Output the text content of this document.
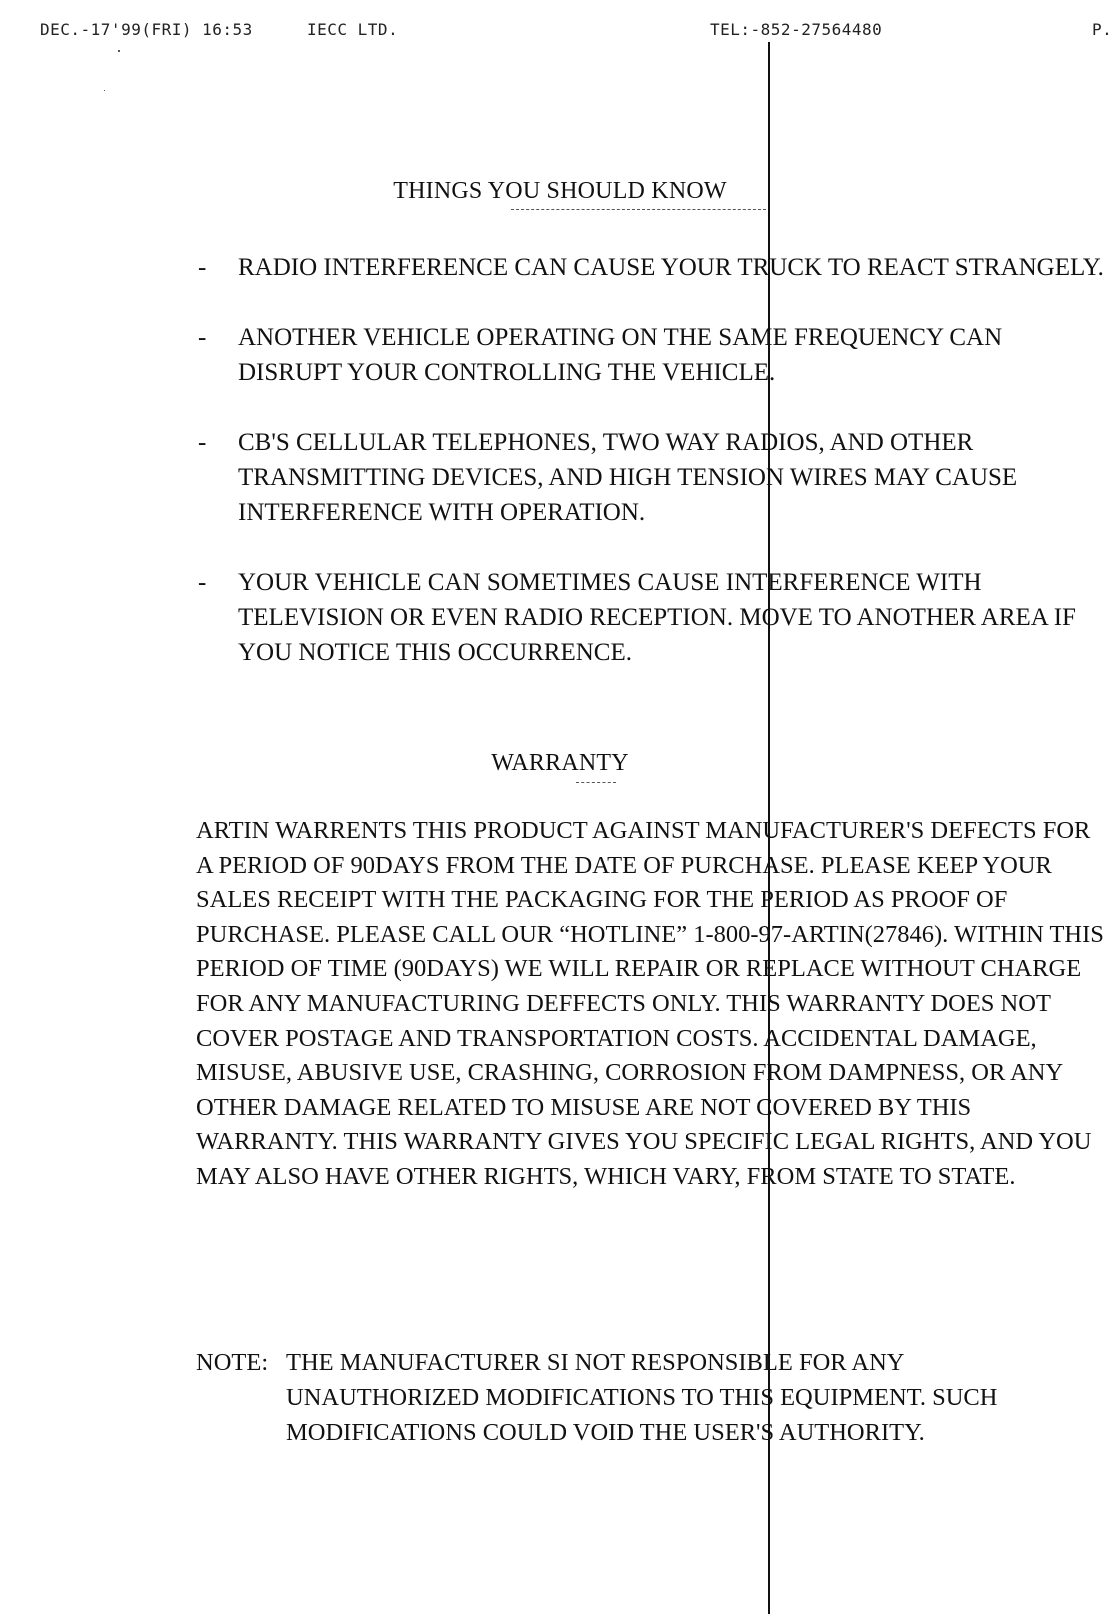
DEC.-17'99(FRI) 16:53	IECC LTD.	TEL:-852-27564480	P.
THINGS YOU SHOULD KNOW
- RADIO INTERFERENCE CAN CAUSE YOUR TRUCK TO REACT STRANGELY.
- ANOTHER VEHICLE OPERATING ON THE SAME FREQUENCY CAN DISRUPT YOUR CONTROLLING THE VEHICLE.
- CB'S CELLULAR TELEPHONES, TWO WAY RADIOS, AND OTHER TRANSMITTING DEVICES, AND HIGH TENSION WIRES MAY CAUSE INTERFERENCE WITH OPERATION.
- YOUR VEHICLE CAN SOMETIMES CAUSE INTERFERENCE WITH TELEVISION OR EVEN RADIO RECEPTION. MOVE TO ANOTHER AREA IF YOU NOTICE THIS OCCURRENCE.
WARRANTY

ARTIN WARRENTS THIS PRODUCT AGAINST MANUFACTURER'S DEFECTS FOR A PERIOD OF 90DAYS FROM THE DATE OF PURCHASE. PLEASE KEEP YOUR SALES RECEIPT WITH THE PACKAGING FOR THE PERIOD AS PROOF OF PURCHASE. PLEASE CALL OUR “HOTLINE” 1-800-97-ARTIN(27846). WITHIN THIS PERIOD OF TIME (90DAYS) WE WILL REPAIR OR REPLACE WITHOUT CHARGE FOR ANY MANUFACTURING DEFFECTS ONLY. THIS WARRANTY DOES NOT COVER POSTAGE AND TRANSPORTATION COSTS. ACCIDENTAL DAMAGE, MISUSE, ABUSIVE USE, CRASHING, CORROSION FROM DAMPNESS, OR ANY OTHER DAMAGE RELATED TO MISUSE ARE NOT COVERED BY THIS WARRANTY. THIS WARRANTY GIVES YOU SPECIFIC LEGAL RIGHTS, AND YOU MAY ALSO HAVE OTHER RIGHTS, WHICH VARY, FROM STATE TO STATE.

NOTE: THE MANUFACTURER SI NOT RESPONSIBLE FOR ANY UNAUTHORIZED MODIFICATIONS TO THIS EQUIPMENT. SUCH MODIFICATIONS COULD VOID THE USER'S AUTHORITY.
